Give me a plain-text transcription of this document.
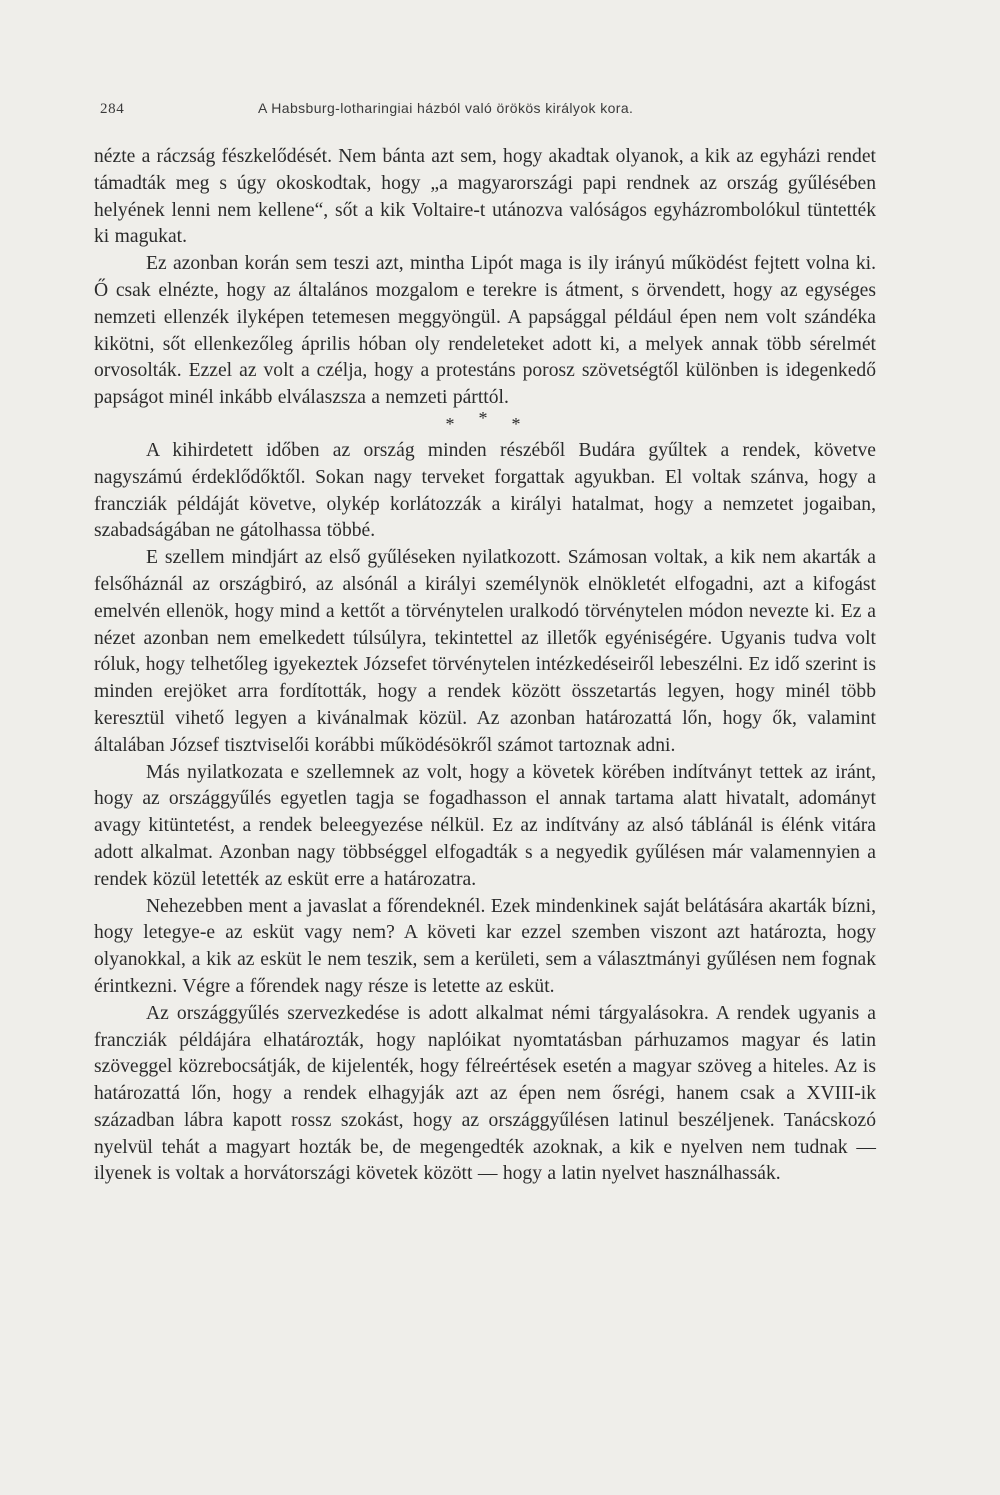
284	A Habsburg-lotharingiai házból való örökös királyok kora.

nézte a ráczság fészkelődését. Nem bánta azt sem, hogy akadtak olyanok, a kik az egyházi rendet támadták meg s úgy okoskodtak, hogy „a magyarországi papi rendnek az ország gyűlésében helyének lenni nem kellene“, sőt a kik Voltaire-t utánozva valóságos egyházrombolókul tüntették ki magukat.

Ez azonban korán sem teszi azt, mintha Lipót maga is ily irányú működést fejtett volna ki. Ő csak elnézte, hogy az általános mozgalom e terekre is átment, s örvendett, hogy az egységes nemzeti ellenzék ilyképen tetemesen meggyöngül. A papsággal például épen nem volt szándéka kikötni, sőt ellenkezőleg április hóban oly rendeleteket adott ki, a melyek annak több sérelmét orvosolták. Ezzel az volt a czélja, hogy a protestáns porosz szövetségtől különben is idegenkedő papságot minél inkább elválaszsza a nemzeti párttól.

* * *

A kihirdetett időben az ország minden részéből Budára gyűltek a rendek, követve nagyszámú érdeklődőktől. Sokan nagy terveket forgattak agyukban. El voltak szánva, hogy a francziák példáját követve, olykép korlátozzák a királyi hatalmat, hogy a nemzetet jogaiban, szabadságában ne gátolhassa többé.

E szellem mindjárt az első gyűléseken nyilatkozott. Számosan voltak, a kik nem akarták a felsőháznál az országbiró, az alsónál a királyi személynök elnökletét elfogadni, azt a kifogást emelvén ellenök, hogy mind a kettőt a törvénytelen uralkodó törvénytelen módon nevezte ki. Ez a nézet azonban nem emelkedett túlsúlyra, tekintettel az illetők egyéniségére. Ugyanis tudva volt róluk, hogy telhetőleg igyekeztek Józsefet törvénytelen intézkedéseiről lebeszélni. Ez idő szerint is minden erejöket arra fordították, hogy a rendek között összetartás legyen, hogy minél több keresztül vihető legyen a kivánalmak közül. Az azonban határozattá lőn, hogy ők, valamint általában József tisztviselői korábbi működésökről számot tartoznak adni.

Más nyilatkozata e szellemnek az volt, hogy a követek körében indítványt tettek az iránt, hogy az országgyűlés egyetlen tagja se fogadhasson el annak tartama alatt hivatalt, adományt avagy kitüntetést, a rendek beleegyezése nélkül. Ez az indítvány az alsó táblánál is élénk vitára adott alkalmat. Azonban nagy többséggel elfogadták s a negyedik gyűlésen már valamennyien a rendek közül letették az esküt erre a határozatra.

Nehezebben ment a javaslat a főrendeknél. Ezek mindenkinek saját belátására akarták bízni, hogy letegye-e az esküt vagy nem? A követi kar ezzel szemben viszont azt határozta, hogy olyanokkal, a kik az esküt le nem teszik, sem a kerületi, sem a választmányi gyűlésen nem fognak érintkezni. Végre a főrendek nagy része is letette az esküt.

Az országgyűlés szervezkedése is adott alkalmat némi tárgyalásokra. A rendek ugyanis a francziák példájára elhatározták, hogy naplóikat nyomtatásban párhuzamos magyar és latin szöveggel közrebocsátják, de kijelenték, hogy félreértések esetén a magyar szöveg a hiteles. Az is határozattá lőn, hogy a rendek elhagyják azt az épen nem ősrégi, hanem csak a XVIII-ik században lábra kapott rossz szokást, hogy az országgyűlésen latinul beszéljenek. Tanácskozó nyelvül tehát a magyart hozták be, de megengedték azoknak, a kik e nyelven nem tudnak — ilyenek is voltak a horvátországi követek között — hogy a latin nyelvet használhassák.
